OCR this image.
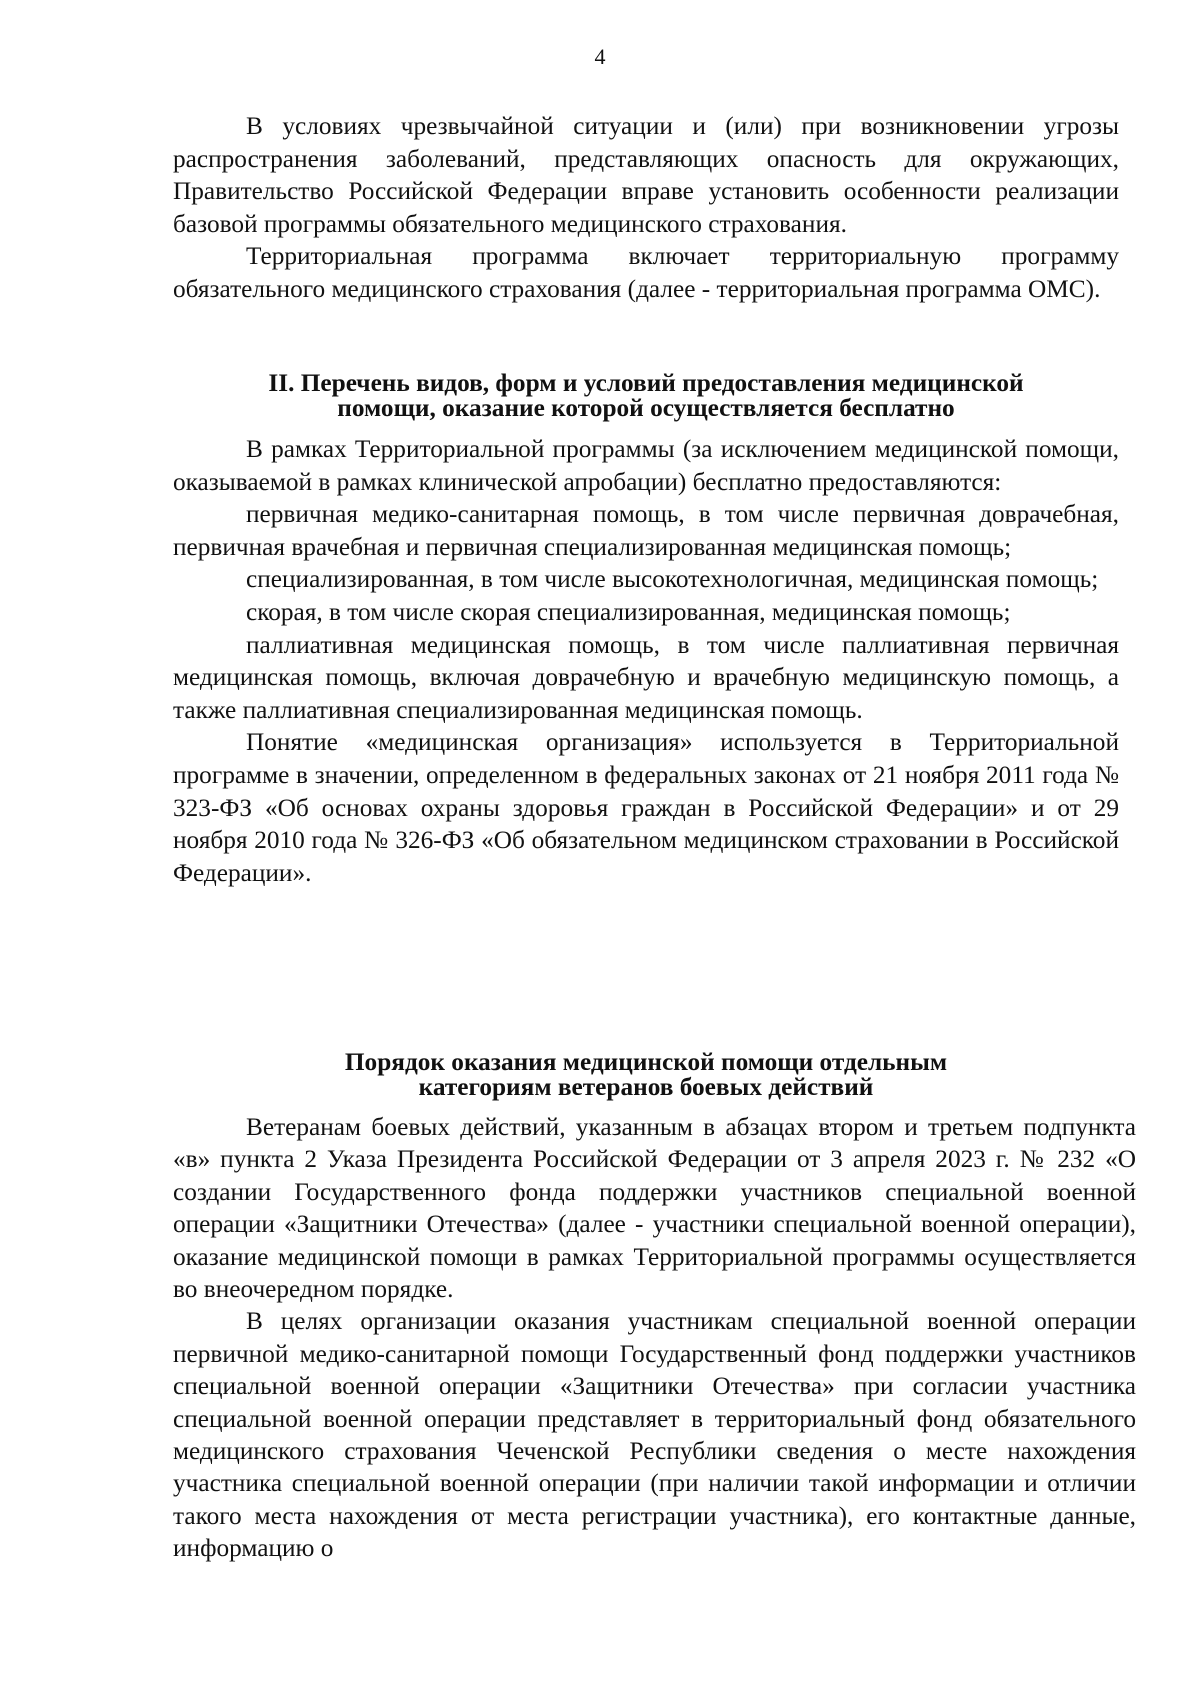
4

В условиях чрезвычайной ситуации и (или) при возникновении угрозы распространения заболеваний, представляющих опасность для окружающих, Правительство Российской Федерации вправе установить особенности реализации базовой программы обязательного медицинского страхования.

Территориальная программа включает территориальную программу обязательного медицинского страхования (далее - территориальная программа ОМС).

II. Перечень видов, форм и условий предоставления медицинской
помощи, оказание которой осуществляется бесплатно

В рамках Территориальной программы (за исключением медицинской помощи, оказываемой в рамках клинической апробации) бесплатно предоставляются:

первичная медико-санитарная помощь, в том числе первичная доврачебная, первичная врачебная и первичная специализированная медицинская помощь;

специализированная, в том числе высокотехнологичная, медицинская помощь;

скорая, в том числе скорая специализированная, медицинская помощь;

паллиативная медицинская помощь, в том числе паллиативная первичная медицинская помощь, включая доврачебную и врачебную медицинскую помощь, а также паллиативная специализированная медицинская помощь.

Понятие «медицинская организация» используется в Территориальной программе в значении, определенном в федеральных законах от 21 ноября 2011 года № 323-ФЗ «Об основах охраны здоровья граждан в Российской Федерации» и от 29 ноября 2010 года № 326-ФЗ «Об обязательном медицинском страховании в Российской Федерации».

Порядок оказания медицинской помощи отдельным
категориям ветеранов боевых действий

Ветеранам боевых действий, указанным в абзацах втором и третьем подпункта «в» пункта 2 Указа Президента Российской Федерации от 3 апреля 2023 г. № 232 «О создании Государственного фонда поддержки участников специальной военной операции «Защитники Отечества» (далее - участники специальной военной операции), оказание медицинской помощи в рамках Территориальной программы осуществляется во внеочередном порядке.

В целях организации оказания участникам специальной военной операции первичной медико-санитарной помощи Государственный фонд поддержки участников специальной военной операции «Защитники Отечества» при согласии участника специальной военной операции представляет в территориальный фонд обязательного медицинского страхования Чеченской Республики сведения о месте нахождения участника специальной военной операции (при наличии такой информации и отличии такого места нахождения от места регистрации участника), его контактные данные, информацию о
